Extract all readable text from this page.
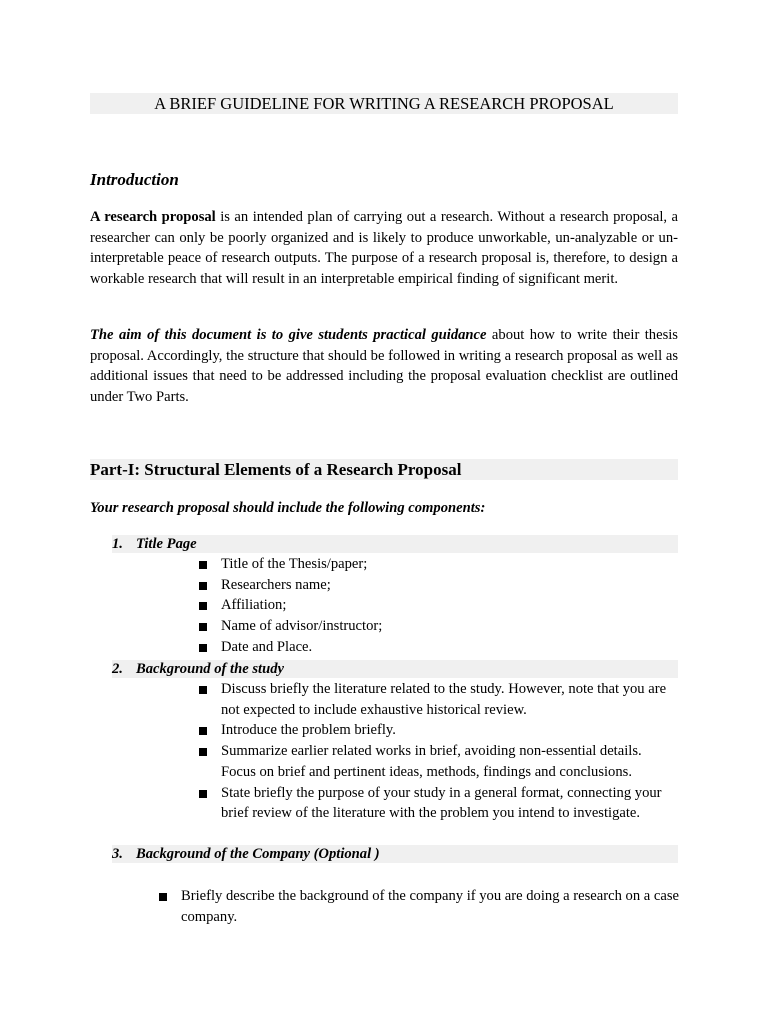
A BRIEF GUIDELINE FOR WRITING A RESEARCH PROPOSAL
Introduction

A research proposal is an intended plan of carrying out a research. Without a research proposal, a researcher can only be poorly organized and is likely to produce unworkable, un-analyzable or un-interpretable peace of research outputs. The purpose of a research proposal is, therefore, to design a workable research that will result in an interpretable empirical finding of significant merit.

The aim of this document is to give students practical guidance about how to write their thesis proposal. Accordingly, the structure that should be followed in writing a research proposal as well as additional issues that need to be addressed including the proposal evaluation checklist are outlined under Two Parts.

Part-I: Structural Elements of a Research Proposal
Your research proposal should include the following components:
1. Title Page
Title of the Thesis/paper;
Researchers name;
Affiliation;
Name of advisor/instructor;
Date and Place.
2. Background of the study
Discuss briefly the literature related to the study. However, note that you are not expected to include exhaustive historical review.
Introduce the problem briefly.
Summarize earlier related works in brief, avoiding non-essential details. Focus on brief and pertinent ideas, methods, findings and conclusions.
State briefly the purpose of your study in a general format, connecting your brief review of the literature with the problem you intend to investigate.
3. Background of the Company (Optional )
Briefly describe the background of the company if you are doing a research on a case company.
